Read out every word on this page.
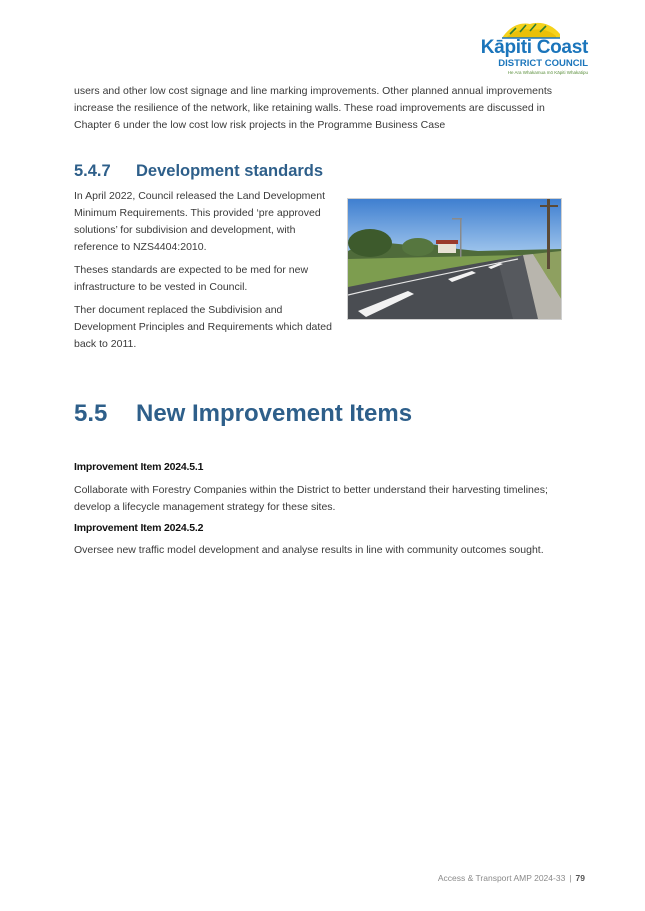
Kāpiti Coast
DISTRICT COUNCIL
He Ara Whakamua mō Kāpiti Whakatipu

users and other low cost signage and line marking improvements. Other planned annual improvements increase the resilience of the network, like retaining walls. These road improvements are discussed in Chapter 6 under the low cost low risk projects in the Programme Business Case

5.4.7 Development standards

In April 2022, Council released the Land Development Minimum Requirements. This provided ‘pre approved solutions’ for subdivision and development, with reference to NZS4404:2010.

Theses standards are expected to be med for new infrastructure to be vested in Council.

Ther document replaced the Subdivision and Development Principles and Requirements which dated back to 2011.

5.5 New Improvement Items
Improvement Item 2024.5.1

Collaborate with Forestry Companies within the District to better understand their harvesting timelines; develop a lifecycle management strategy for these sites.

Improvement Item 2024.5.2

Oversee new traffic model development and analyse results in line with community outcomes sought.

Access & Transport AMP 2024-33 | 79
